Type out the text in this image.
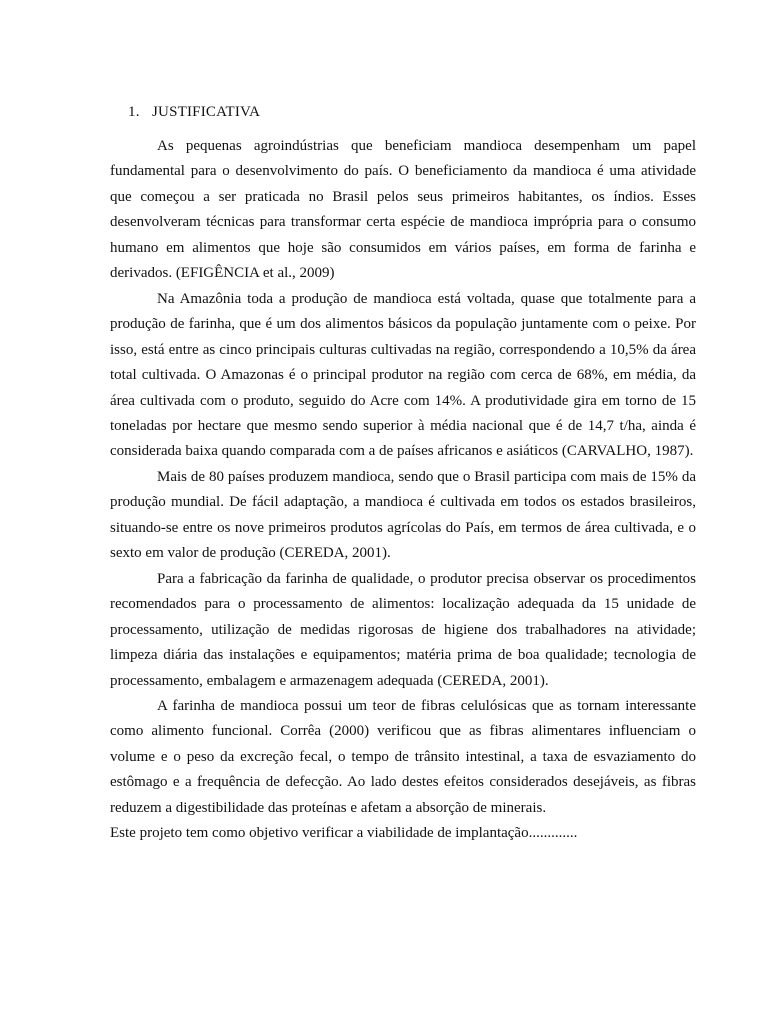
1. JUSTIFICATIVA

As pequenas agroindústrias que beneficiam mandioca desempenham um papel fundamental para o desenvolvimento do país. O beneficiamento da mandioca é uma atividade que começou a ser praticada no Brasil pelos seus primeiros habitantes, os índios. Esses desenvolveram técnicas para transformar certa espécie de mandioca imprópria para o consumo humano em alimentos que hoje são consumidos em vários países, em forma de farinha e derivados. (EFIGÊNCIA et al., 2009)

Na Amazônia toda a produção de mandioca está voltada, quase que totalmente para a produção de farinha, que é um dos alimentos básicos da população juntamente com o peixe. Por isso, está entre as cinco principais culturas cultivadas na região, correspondendo a 10,5% da área total cultivada. O Amazonas é o principal produtor na região com cerca de 68%, em média, da área cultivada com o produto, seguido do Acre com 14%. A produtividade gira em torno de 15 toneladas por hectare que mesmo sendo superior à média nacional que é de 14,7 t/ha, ainda é considerada baixa quando comparada com a de países africanos e asiáticos (CARVALHO, 1987).

Mais de 80 países produzem mandioca, sendo que o Brasil participa com mais de 15% da produção mundial. De fácil adaptação, a mandioca é cultivada em todos os estados brasileiros, situando-se entre os nove primeiros produtos agrícolas do País, em termos de área cultivada, e o sexto em valor de produção (CEREDA, 2001).

Para a fabricação da farinha de qualidade, o produtor precisa observar os procedimentos recomendados para o processamento de alimentos: localização adequada da 15 unidade de processamento, utilização de medidas rigorosas de higiene dos trabalhadores na atividade; limpeza diária das instalações e equipamentos; matéria prima de boa qualidade; tecnologia de processamento, embalagem e armazenagem adequada (CEREDA, 2001).

A farinha de mandioca possui um teor de fibras celulósicas que as tornam interessante como alimento funcional. Corrêa (2000) verificou que as fibras alimentares influenciam o volume e o peso da excreção fecal, o tempo de trânsito intestinal, a taxa de esvaziamento do estômago e a frequência de defecção. Ao lado destes efeitos considerados desejáveis, as fibras reduzem a digestibilidade das proteínas e afetam a absorção de minerais.

Este projeto tem como objetivo verificar a viabilidade de implantação.............
